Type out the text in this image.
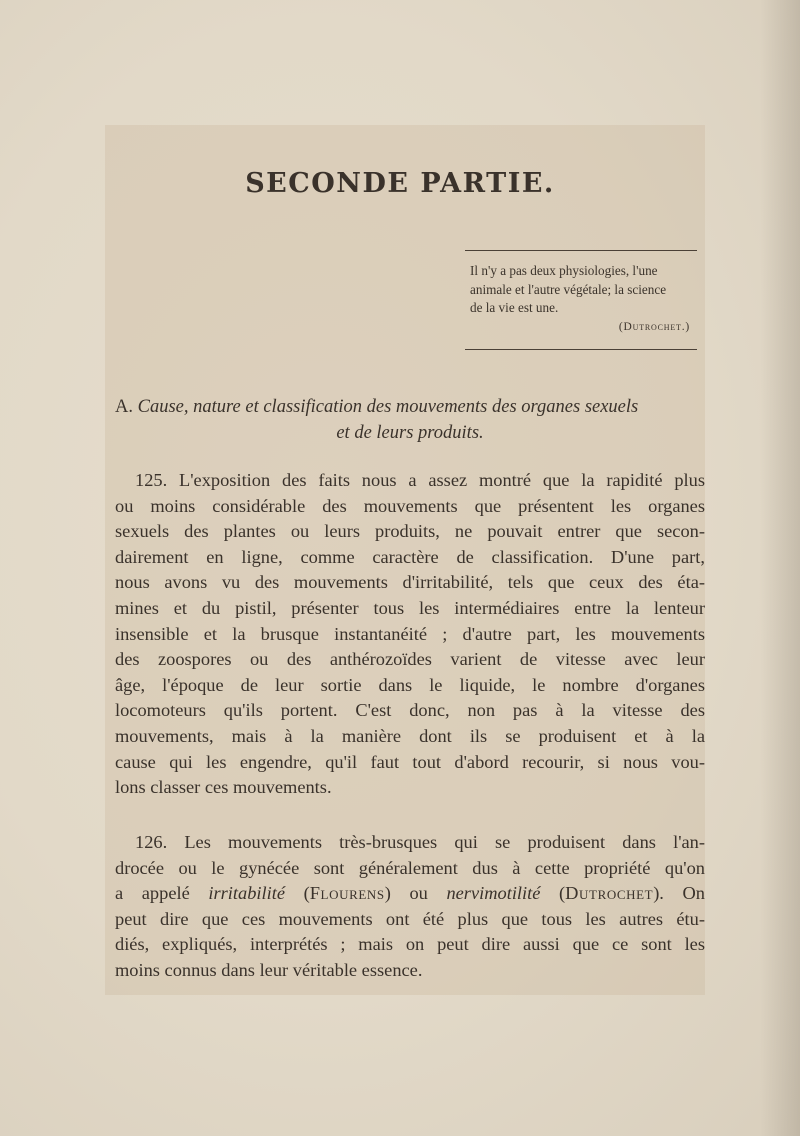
SECONDE PARTIE.
Il n'y a pas deux physiologies, l'une
animale et l'autre végétale; la science
de la vie est une.
(Dutrochet.)
A. Cause, nature et classification des mouvements des organes sexuels
et de leurs produits.
125. L'exposition des faits nous a assez montré que la rapidité plus
ou moins considérable des mouvements que présentent les organes
sexuels des plantes ou leurs produits, ne pouvait entrer que secon-
dairement en ligne, comme caractère de classification. D'une part,
nous avons vu des mouvements d'irritabilité, tels que ceux des éta-
mines et du pistil, présenter tous les intermédiaires entre la lenteur
insensible et la brusque instantanéité ; d'autre part, les mouvements
des zoospores ou des anthérozoïdes varient de vitesse avec leur
âge, l'époque de leur sortie dans le liquide, le nombre d'organes
locomoteurs qu'ils portent. C'est donc, non pas à la vitesse des
mouvements, mais à la manière dont ils se produisent et à la
cause qui les engendre, qu'il faut tout d'abord recourir, si nous vou-
lons classer ces mouvements.
126. Les mouvements très-brusques qui se produisent dans l'an-
drocée ou le gynécée sont généralement dus à cette propriété qu'on
a appelé irritabilité (Flourens) ou nervimotilité (Dutrochet). On
peut dire que ces mouvements ont été plus que tous les autres étu-
diés, expliqués, interprétés ; mais on peut dire aussi que ce sont les
moins connus dans leur véritable essence.
